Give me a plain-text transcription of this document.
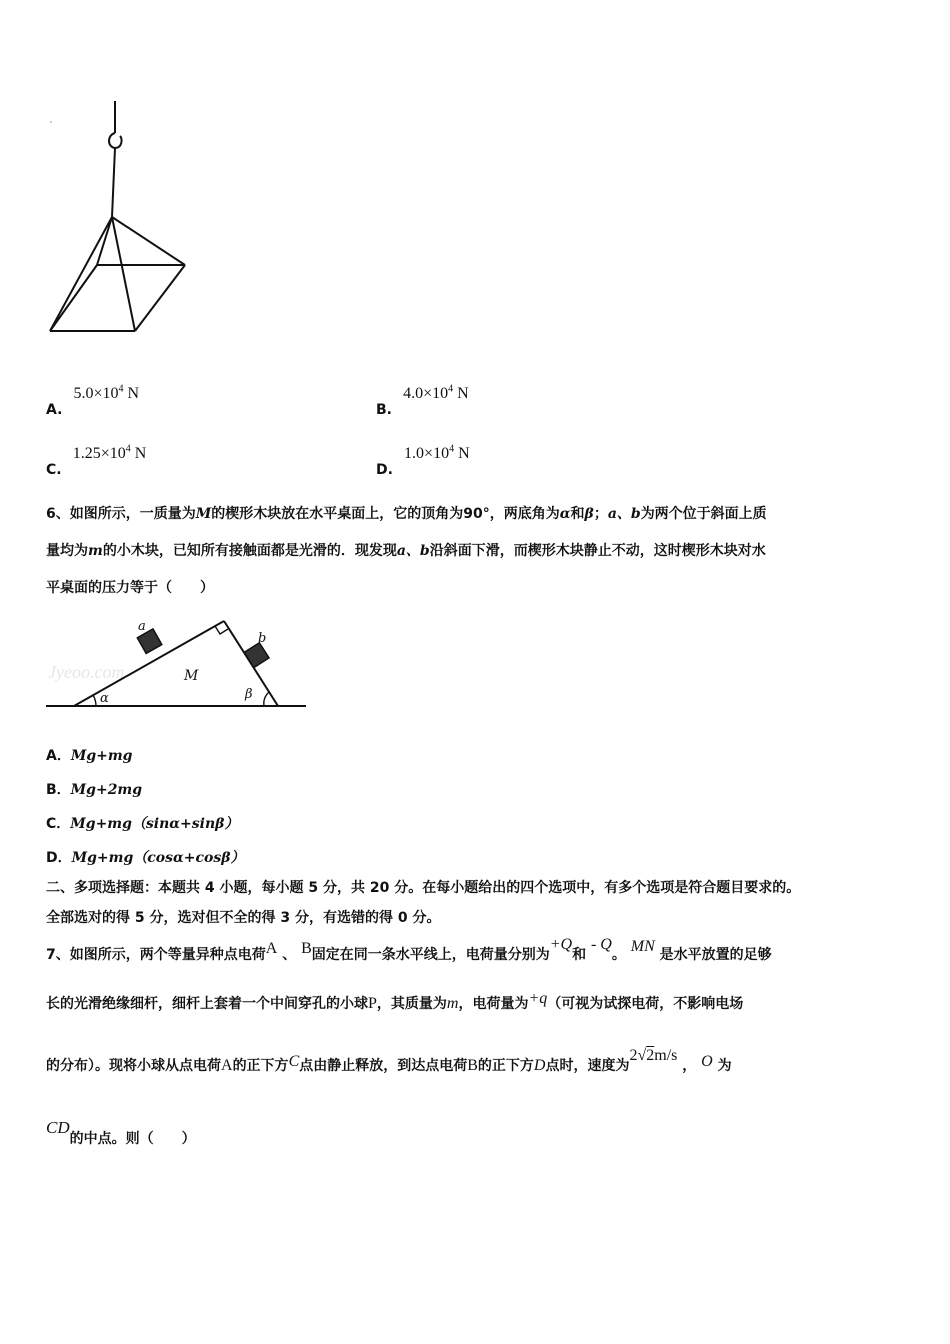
A. $5.0\times 10^4$ N
B. $4.0\times 10^4$ N
C. $1.25\times 10^4$ N
D. $1.0\times 10^4$ N
6、如图所示，一质量为M的楔形木块放在水平桌面上，它的顶角为90°，两底角为α和β；a、b为两个位于斜面上质
量均为m的小木块，已知所有接触面都是光滑的．现发现a、b沿斜面下滑，而楔形木块静止不动，这时楔形木块对水
平桌面的压力等于（　　）
Jyeoo.com
a
b
M
α	β
A．Mg+mg
B．Mg+2mg
C．Mg+mg（sinα+sinβ）
D．Mg+mg（cosα+cosβ）
二、多项选择题：本题共 4 小题，每小题 5 分，共 20 分。在每小题给出的四个选项中，有多个选项是符合题目要求的。
全部选对的得 5 分，选对但不全的得 3 分，有选错的得 0 分。
7、如图所示，两个等量异种点电荷A 、 B固定在同一条水平线上，电荷量分别为+Q和 - Q。 MN 是水平放置的足够
长的光滑绝缘细杆，细杆上套着一个中间穿孔的小球P，其质量为m，电荷量为+q（可视为试探电荷，不影响电场
的分布）。现将小球从点电荷A的正下方C点由静止释放，到达点电荷B的正下方D点时，速度为2√2m/s ， O 为
CD的中点。则（　　）
